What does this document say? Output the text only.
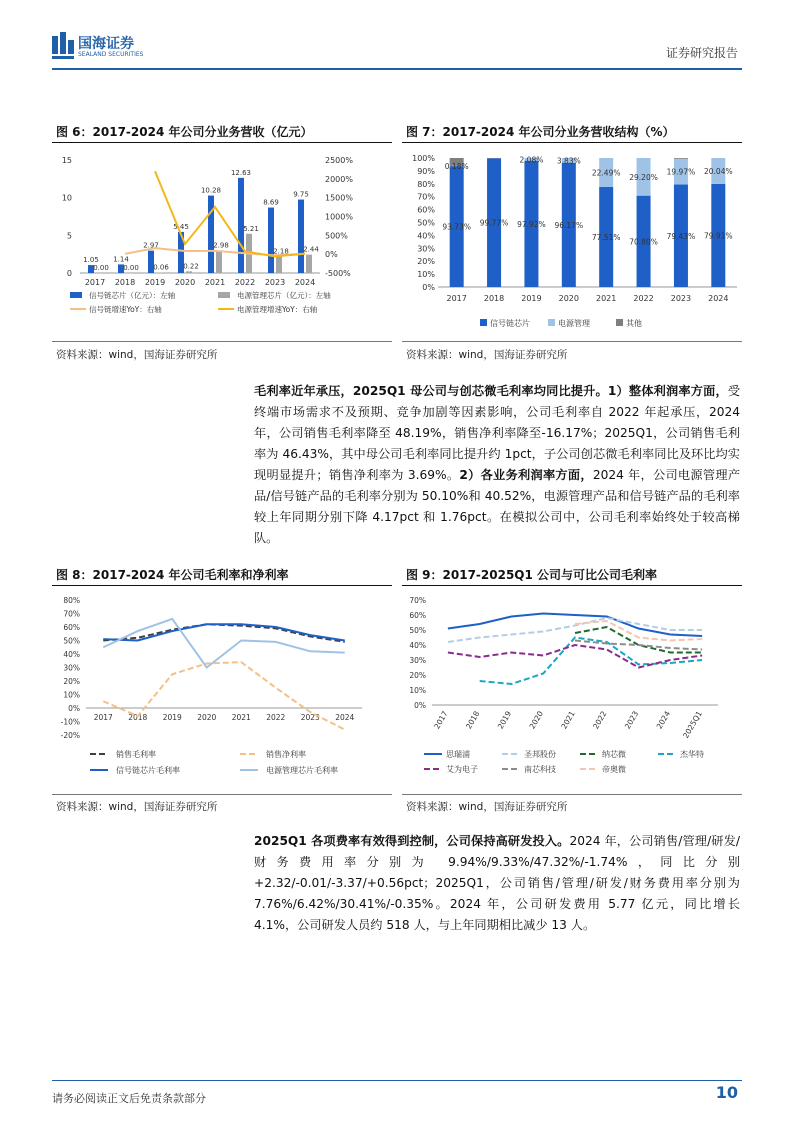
国海证券
SEALAND SECURITIES	证券研究报告
图 6：2017-2024 年公司分业务营收（亿元）
0
5
10
15
-500%
0%
500%
1000%
1500%
2000%
2500%
1.05
0.00
2017
1.14
0.00
2018
2.97
0.06
2019
5.45
0.22
2020
10.28
2.98
2021
12.63
5.21
2022
8.69
2.18
2023
9.75
2.44
2024
信号链芯片（亿元）：左轴	电源管理芯片（亿元）：左轴
信号链增速YoY：右轴	电源管理增速YoY：右轴
资料来源：wind，国海证券研究所
图 7：2017-2024 年公司分业务营收结构（%）
0%
10%
20%
30%
40%
50%
60%
70%
80%
90%
100%
93.73%
0.18%
2017
99.77%
2018
97.92%
2.08%
2019
96.17%
3.83%
2020
77.51%
22.49%
2021
70.80%
29.20%
2022
79.43%
19.97%
2023
79.91%
20.04%
2024
信号链芯片	电源管理	其他
资料来源：wind，国海证券研究所
毛利率近年承压，2025Q1 母公司与创芯微毛利率均同比提升。1）整体利润率方面，受终端市场需求不及预期、竞争加剧等因素影响，公司毛利率自 2022 年起承压，2024 年，公司销售毛利率降至 48.19%，销售净利率降至-16.17%；2025Q1，公司销售毛利率为 46.43%，其中母公司毛利率同比提升约 1pct，子公司创芯微毛利率同比及环比均实现明显提升；销售净利率为 3.69%。2）各业务利润率方面，2024 年，公司电源管理产品/信号链产品的毛利率分别为 50.10%和 40.52%，电源管理产品和信号链产品的毛利率较上年同期分别下降 4.17pct 和 1.76pct。在模拟公司中，公司毛利率始终处于较高梯队。
图 8：2017-2024 年公司毛利率和净利率
-20%
-10%
0%
10%
20%
30%
40%
50%
60%
70%
80%
2017 2018 2019 2020 2021 2022 2023 2024
销售毛利率	销售净利率
信号链芯片毛利率	电源管理芯片毛利率
资料来源：wind，国海证券研究所
图 9：2017-2025Q1 公司与可比公司毛利率
0%
10%
20%
30%
40%
50%
60%
70%
2017 2018 2019 2020 2021 2022 2023 2024 2025Q1
思瑞浦	圣邦股份	纳芯微	杰华特
艾为电子	南芯科技	帝奥微
资料来源：wind，国海证券研究所
2025Q1 各项费率有效得到控制，公司保持高研发投入。2024 年，公司销售/管理/研发/财务费用率分别为 9.94%/9.33%/47.32%/-1.74%，同比分别+2.32/-0.01/-3.37/+0.56pct；2025Q1，公司销售/管理/研发/财务费用率分别为 7.76%/6.42%/30.41%/-0.35%。2024 年，公司研发费用 5.77 亿元，同比增长 4.1%，公司研发人员约 518 人，与上年同期相比减少 13 人。
请务必阅读正文后免责条款部分	10
